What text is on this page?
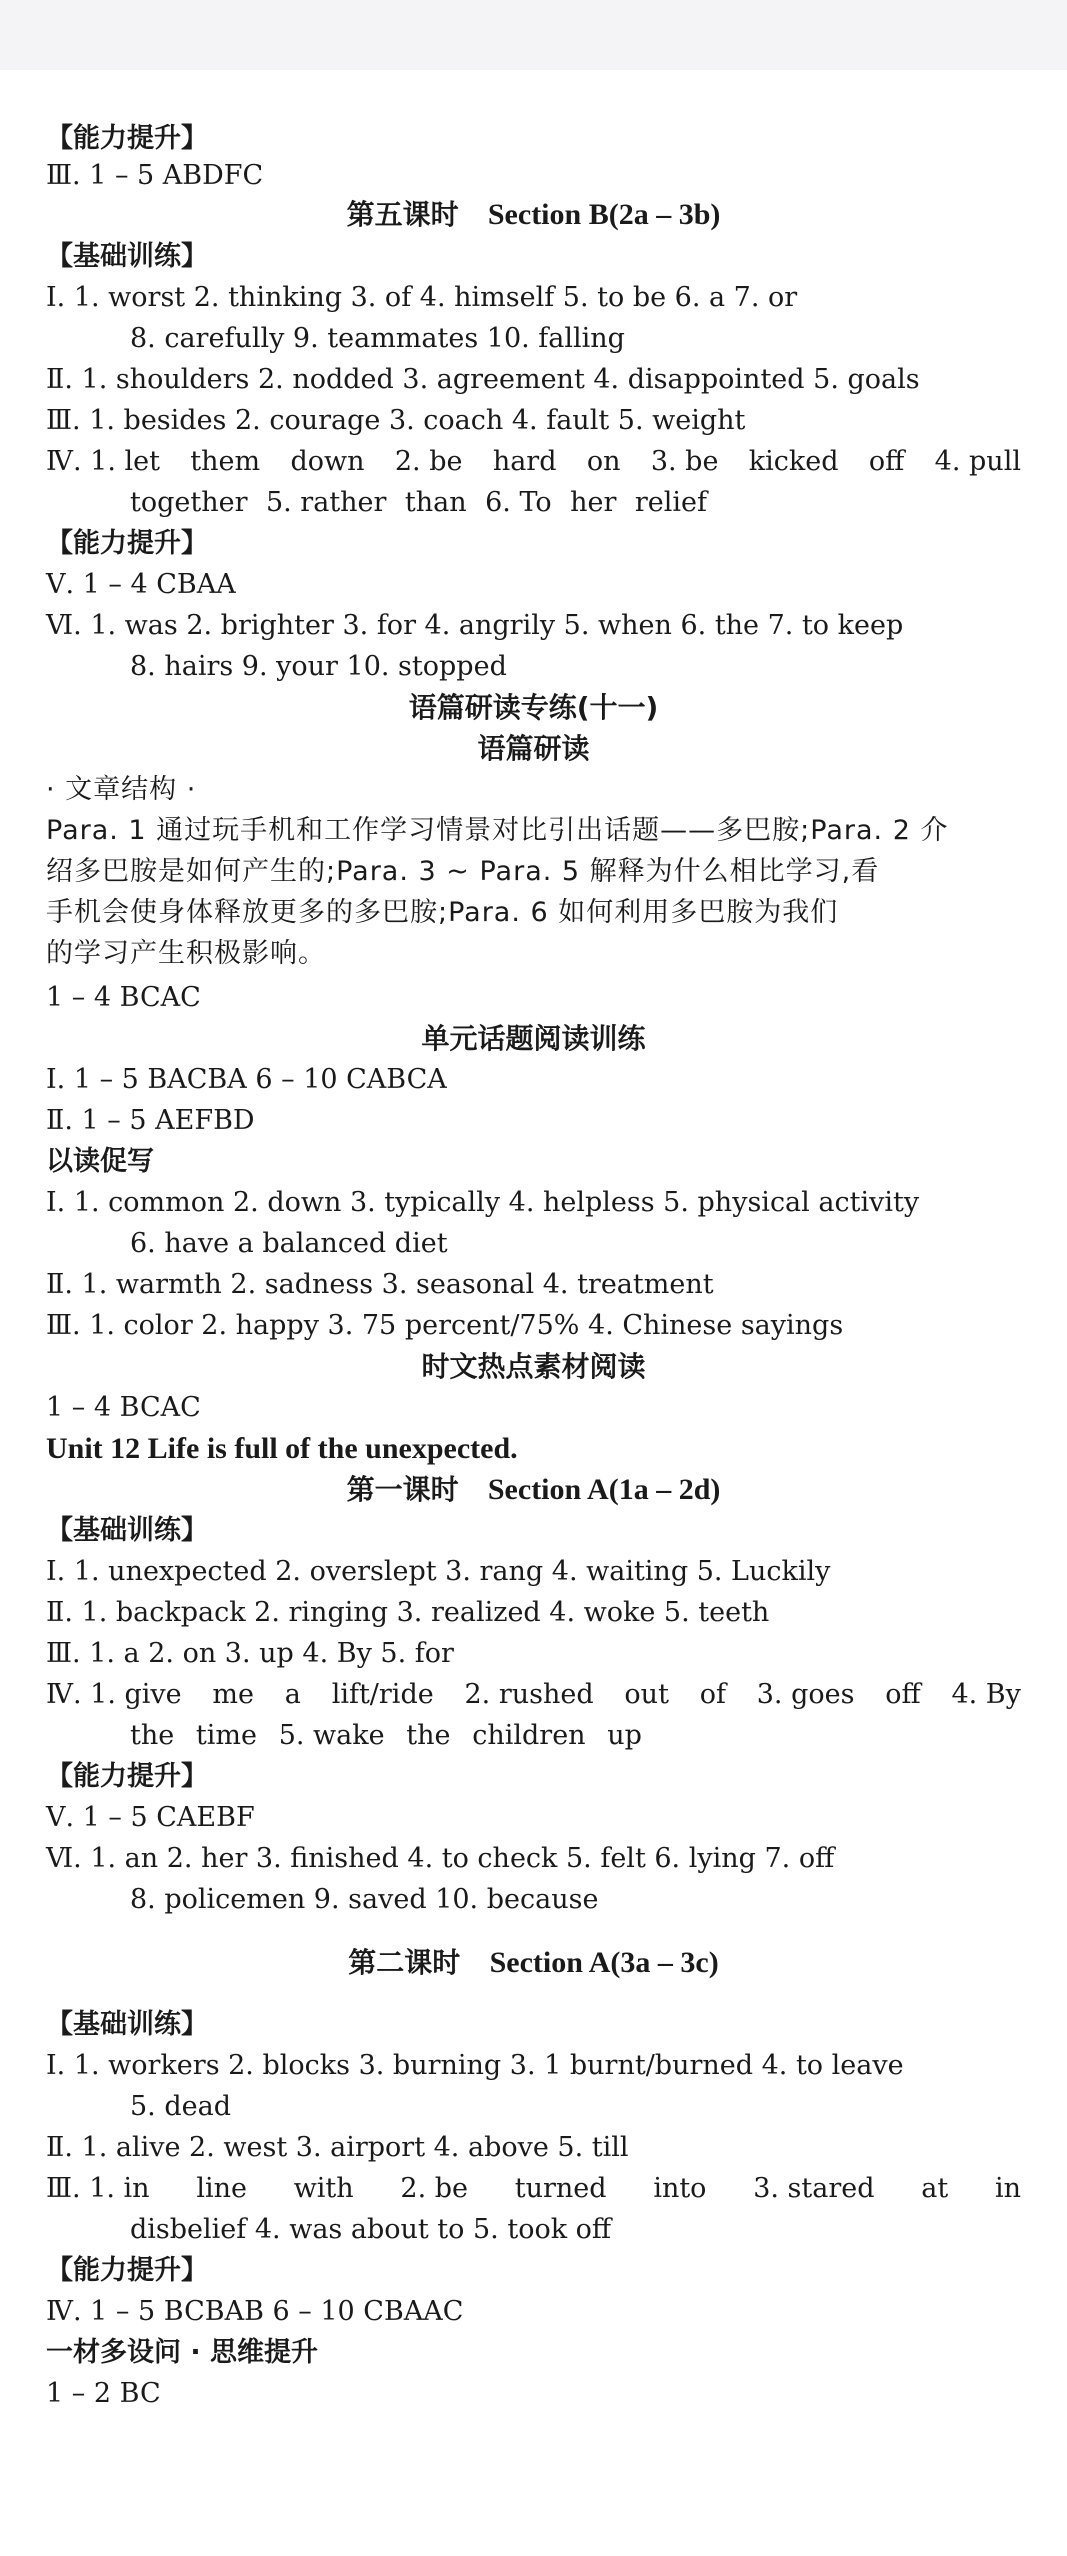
【能力提升】
Ⅲ. 1 – 5 ABDFC
第五课时 Section B(2a – 3b)
【基础训练】
Ⅰ. 1. worst 2. thinking 3. of 4. himself 5. to be 6. a 7. or
8. carefully 9. teammates 10. falling
Ⅱ. 1. shoulders 2. nodded 3. agreement 4. disappointed 5. goals
Ⅲ. 1. besides 2. courage 3. coach 4. fault 5. weight
Ⅳ. 1. let them down 2. be hard on 3. be kicked off 4. pull
together 5. rather than 6. To her relief
【能力提升】
Ⅴ. 1 – 4 CBAA
Ⅵ. 1. was 2. brighter 3. for 4. angrily 5. when 6. the 7. to keep
8. hairs 9. your 10. stopped
语篇研读专练(十一)
语篇研读
· 文章结构 ·
Para. 1 通过玩手机和工作学习情景对比引出话题——多巴胺;Para. 2 介
绍多巴胺是如何产生的;Para. 3 ~ Para. 5 解释为什么相比学习,看
手机会使身体释放更多的多巴胺;Para. 6 如何利用多巴胺为我们
的学习产生积极影响。
1 – 4 BCAC
单元话题阅读训练
Ⅰ. 1 – 5 BACBA 6 – 10 CABCA
Ⅱ. 1 – 5 AEFBD
以读促写
Ⅰ. 1. common 2. down 3. typically 4. helpless 5. physical activity
6. have a balanced diet
Ⅱ. 1. warmth 2. sadness 3. seasonal 4. treatment
Ⅲ. 1. color 2. happy 3. 75 percent/75% 4. Chinese sayings
时文热点素材阅读
1 – 4 BCAC
Unit 12 Life is full of the unexpected.
第一课时 Section A(1a – 2d)
【基础训练】
Ⅰ. 1. unexpected 2. overslept 3. rang 4. waiting 5. Luckily
Ⅱ. 1. backpack 2. ringing 3. realized 4. woke 5. teeth
Ⅲ. 1. a 2. on 3. up 4. By 5. for
Ⅳ. 1. give me a lift/ride 2. rushed out of 3. goes off 4. By
the time 5. wake the children up
【能力提升】
Ⅴ. 1 – 5 CAEBF
Ⅵ. 1. an 2. her 3. finished 4. to check 5. felt 6. lying 7. off
8. policemen 9. saved 10. because
第二课时 Section A(3a – 3c)
【基础训练】
Ⅰ. 1. workers 2. blocks 3. burning 3. 1 burnt/burned 4. to leave
5. dead
Ⅱ. 1. alive 2. west 3. airport 4. above 5. till
Ⅲ. 1. in line with 2. be turned into 3. stared at in
disbelief 4. was about to 5. took off
【能力提升】
Ⅳ. 1 – 5 BCBAB 6 – 10 CBAAC
一材多设问 · 思维提升
1 – 2 BC
